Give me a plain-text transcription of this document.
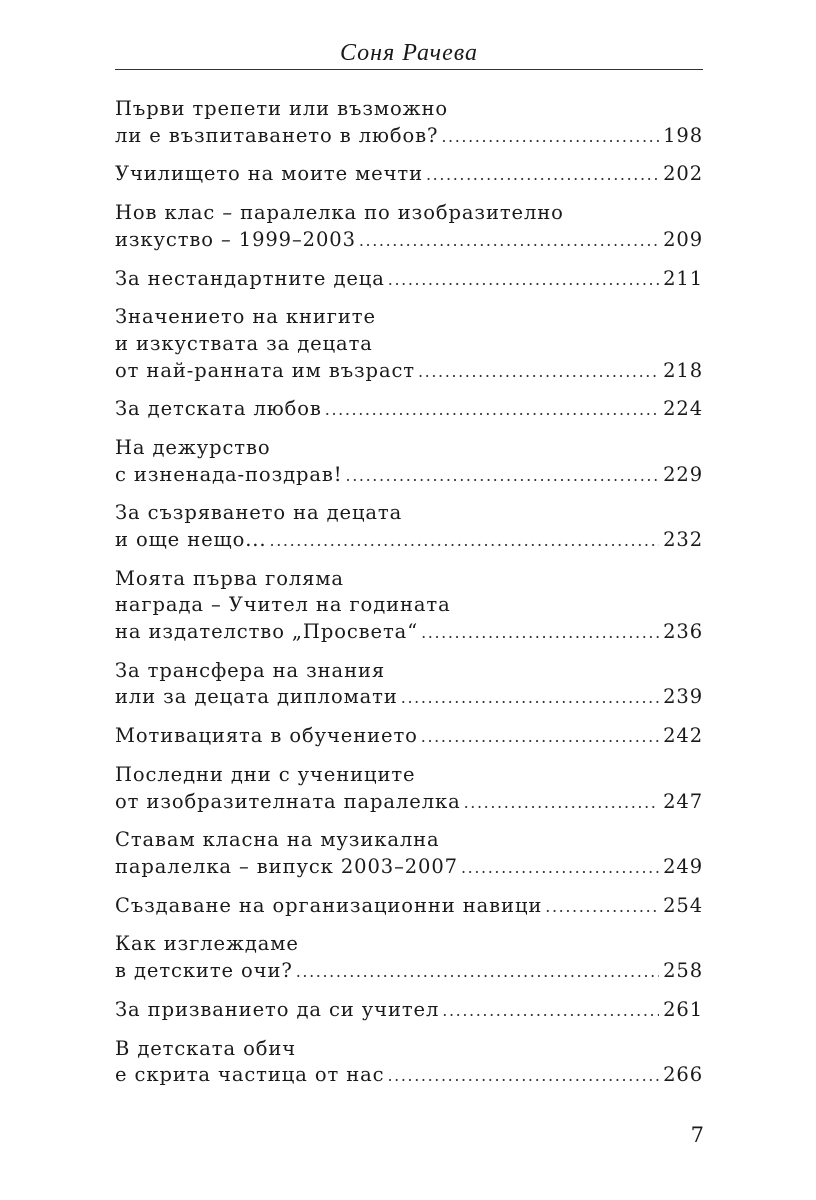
Соня Рачева
Първи трепети или възможно
ли е възпитаването в любов? .....	198
Училището на моите мечти .....	202
Нов клас – паралелка по изобразително
изкуство – 1999–2003 .....	209
За нестандартните деца .....	211
Значението на книгите
и изкуствата за децата
от най-ранната им възраст .....	218
За детската любов .....	224
На дежурство
с изненада-поздрав! .....	229
За съзряването на децата
и още нещо... .....	232
Моята първа голяма
награда – Учител на годината
на издателство „Просвета“ .....	236
За трансфера на знания
или за децата дипломати .....	239
Мотивацията в обучението .....	242
Последни дни с учениците
от изобразителната паралелка .....	247
Ставам класна на музикална
паралелка – випуск 2003–2007 .....	249
Създаване на организационни навици .....	254
Как изглеждаме
в детските очи? .....	258
За призванието да си учител .....	261
В детската обич
е скрита частица от нас .....	266
7
